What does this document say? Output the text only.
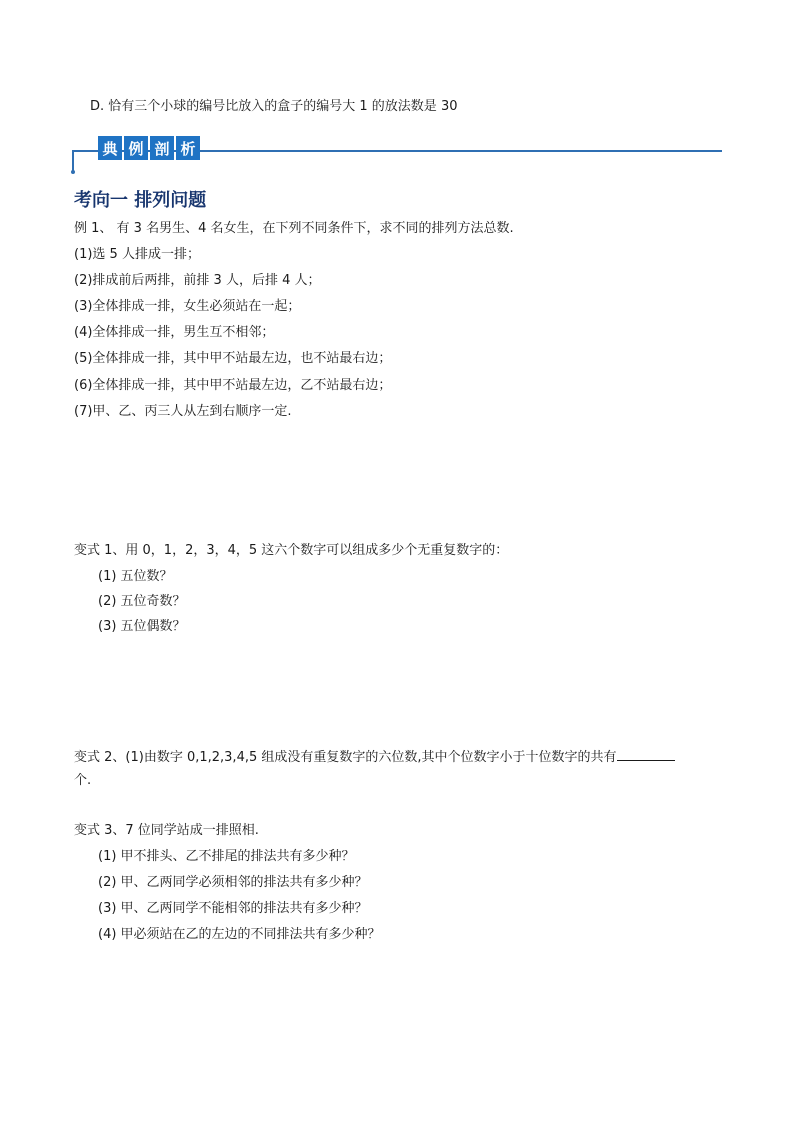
D. 恰有三个小球的编号比放入的盒子的编号大 1 的放法数是 30
典 例 剖 析
考向一 排列问题
例 1、 有 3 名男生、4 名女生，在下列不同条件下，求不同的排列方法总数.
(1)选 5 人排成一排；
(2)排成前后两排，前排 3 人，后排 4 人；
(3)全体排成一排，女生必须站在一起；
(4)全体排成一排，男生互不相邻；
(5)全体排成一排，其中甲不站最左边，也不站最右边；
(6)全体排成一排，其中甲不站最左边，乙不站最右边；
(7)甲、乙、丙三人从左到右顺序一定.
变式 1、用 0，1，2，3，4，5 这六个数字可以组成多少个无重复数字的：
(1) 五位数？
(2) 五位奇数？
(3) 五位偶数？
变式 2、(1)由数字 0,1,2,3,4,5 组成没有重复数字的六位数,其中个位数字小于十位数字的共有
个.
变式 3、7 位同学站成一排照相.
(1) 甲不排头、乙不排尾的排法共有多少种？
(2) 甲、乙两同学必须相邻的排法共有多少种？
(3) 甲、乙两同学不能相邻的排法共有多少种？
(4) 甲必须站在乙的左边的不同排法共有多少种？
